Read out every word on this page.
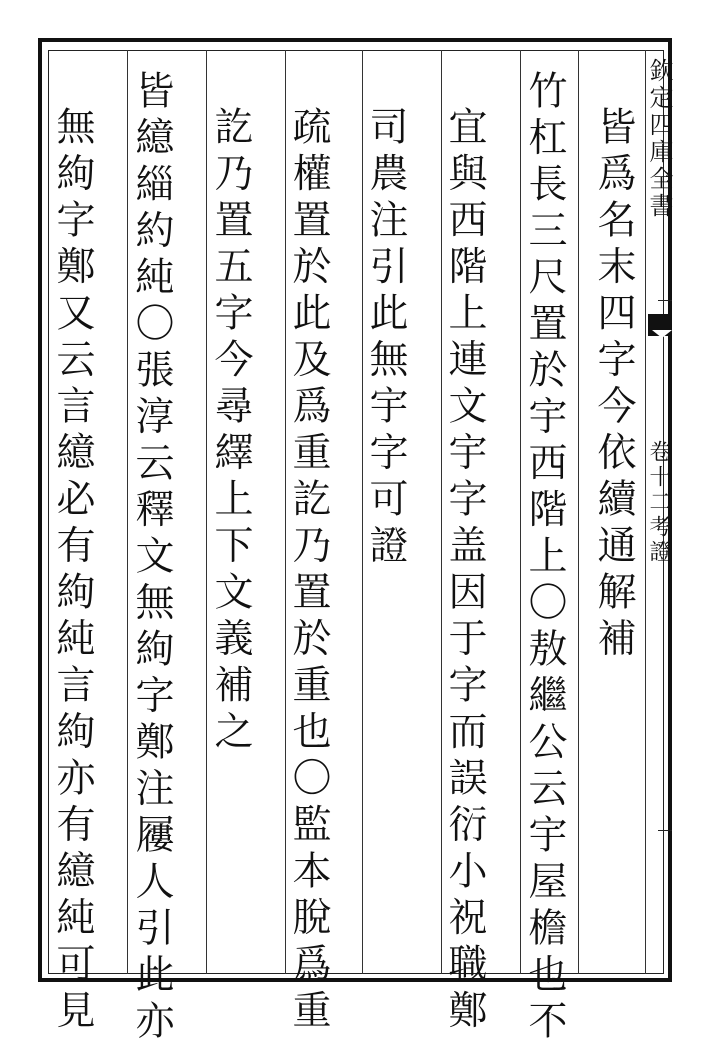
欽定四庫全書
卷十二考證
皆爲名末四字今依續通解補
竹杠長三尺置於宇西階上〇敖繼公云宇屋檐也不
宜與西階上連文宇字盖因于字而誤衍小祝職鄭
司農注引此無宇字可證
疏權置於此及爲重訖乃置於重也〇監本脫爲重
訖乃置五字今尋繹上下文義補之
皆繶緇約純〇張淳云釋文無絇字鄭注屨人引此亦
無絇字鄭又云言繶必有絇純言絇亦有繶純可見
